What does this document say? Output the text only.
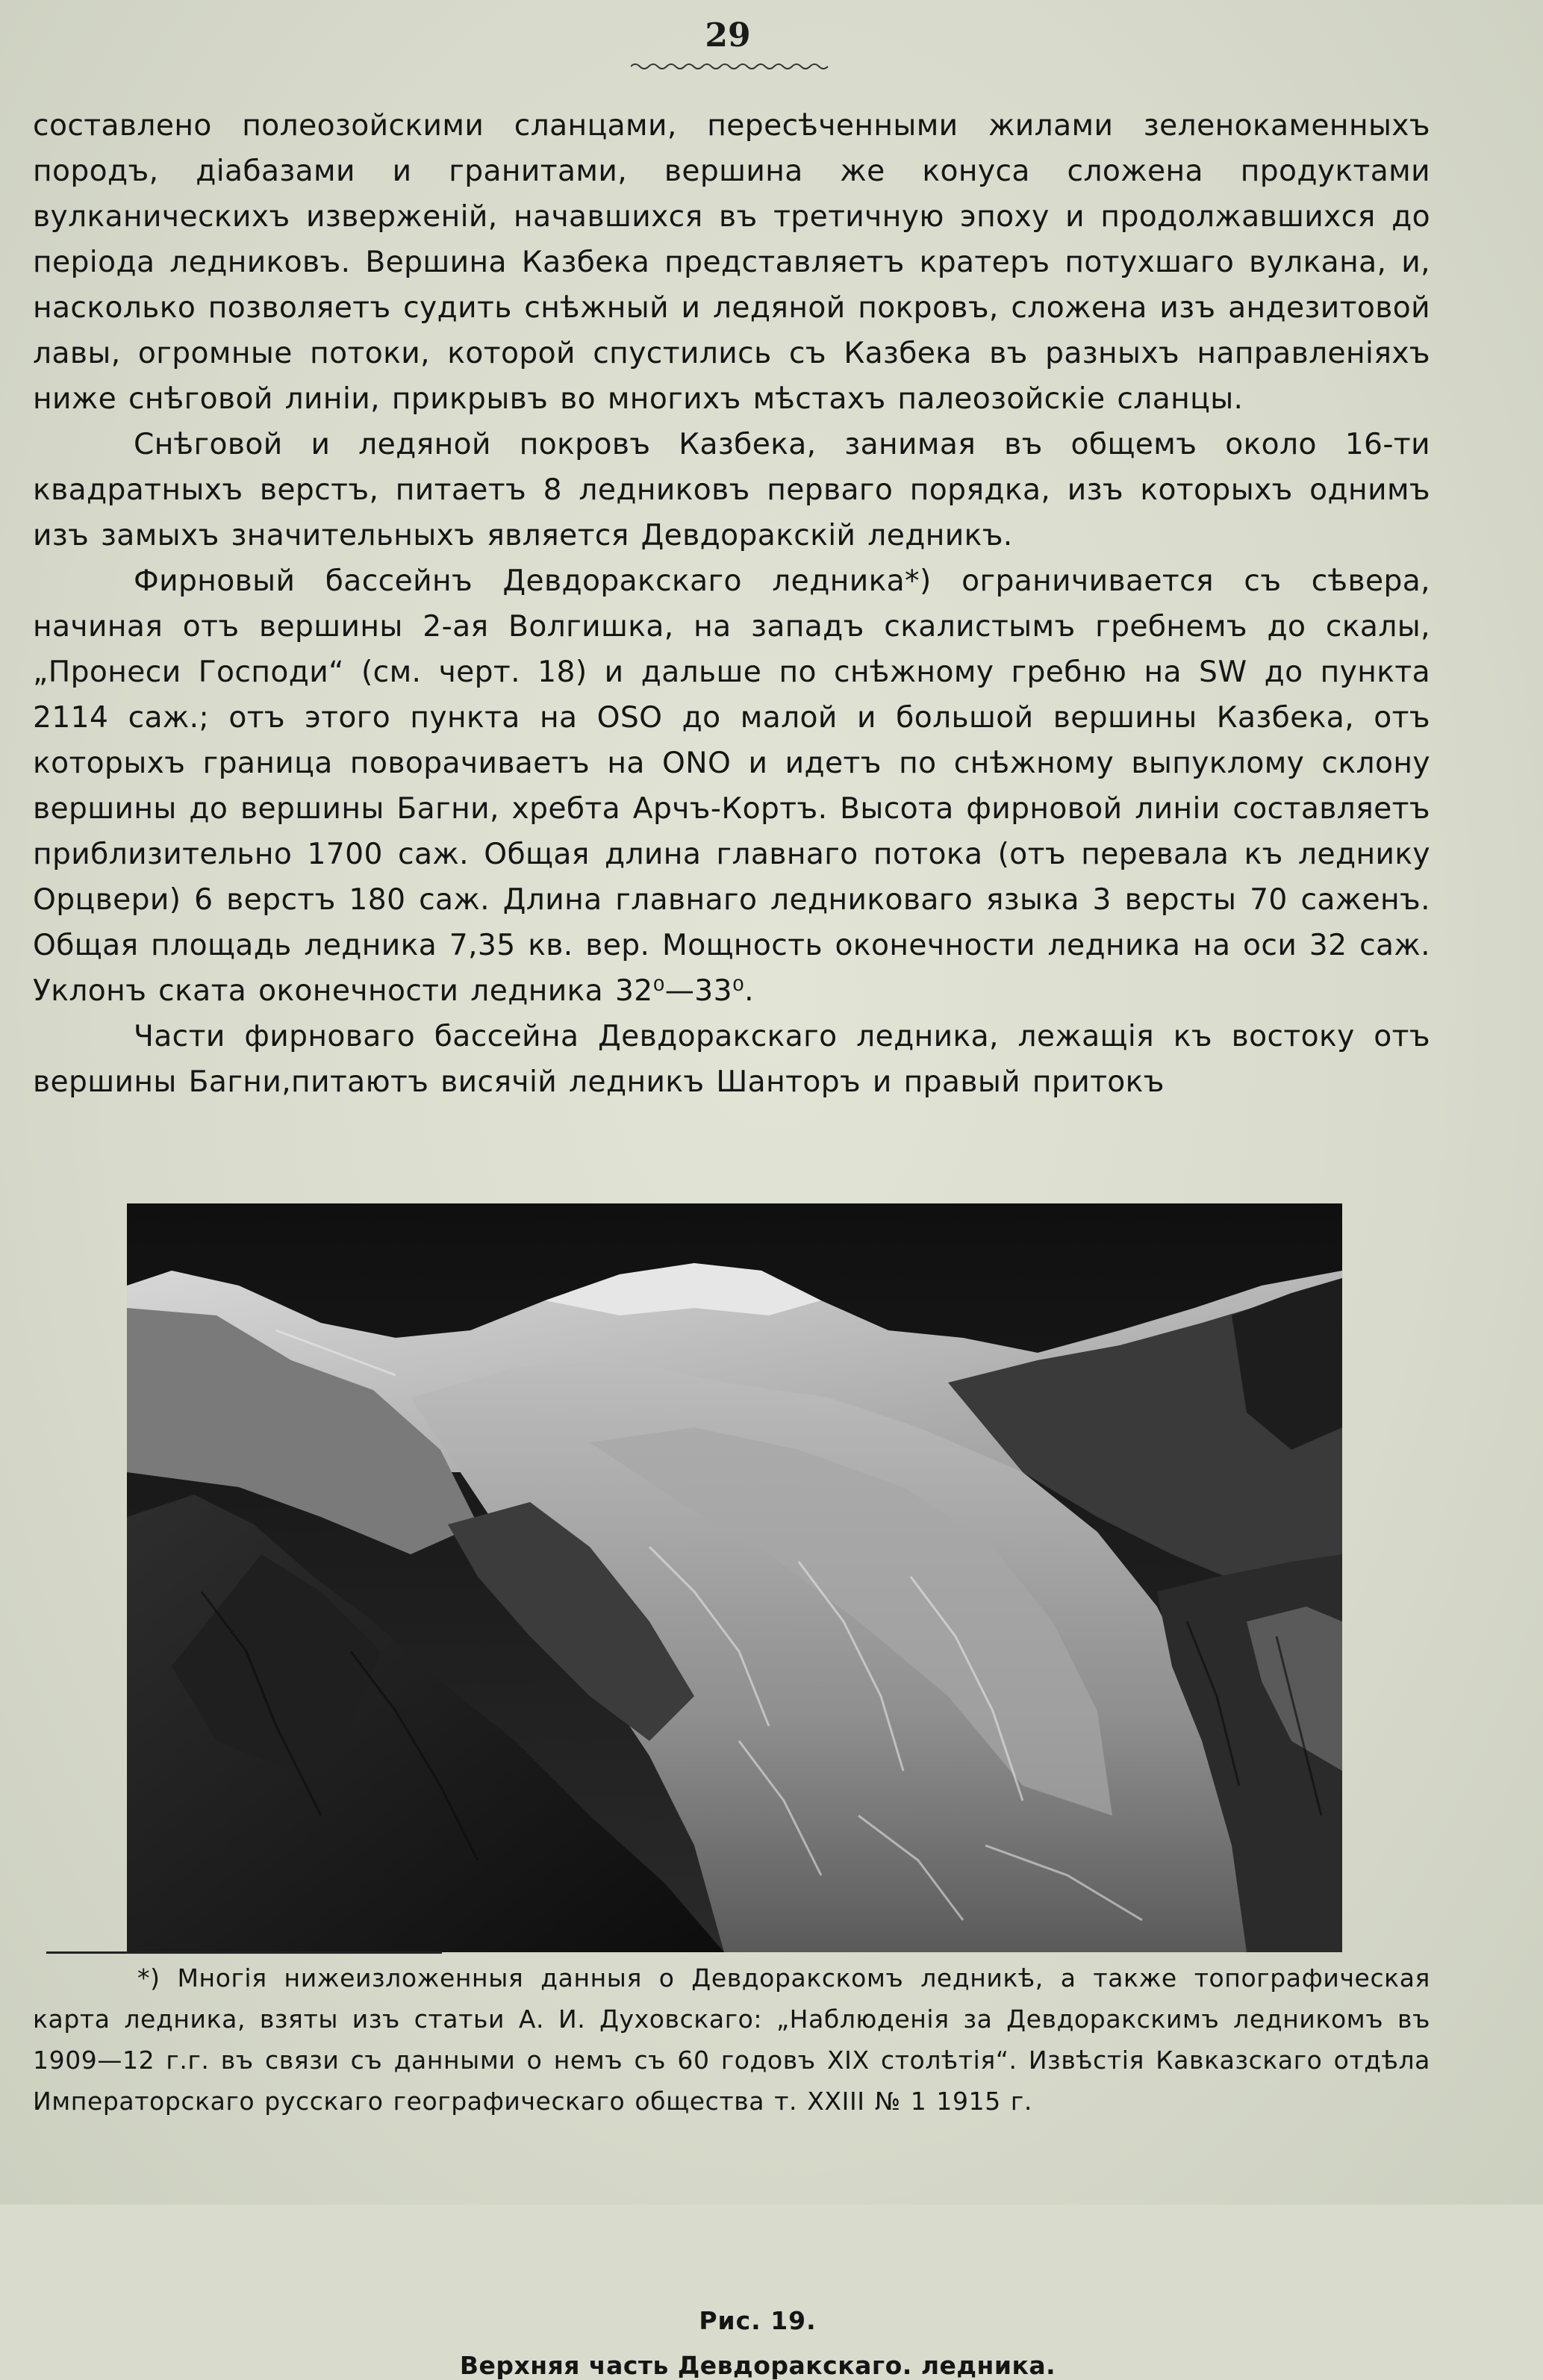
29

составлено полеозойскими сланцами, пересѣченными жилами зеленокаменныхъ породъ, діабазами и гранитами, вершина же конуса сложена продуктами вулканическихъ изверженій, начавшихся въ третичную эпоху и продолжавшихся до періода ледниковъ. Вершина Казбека представляетъ кратеръ потухшаго вулкана, и, насколько позволяетъ судить снѣжный и ледяной покровъ, сложена изъ андезитовой лавы, огромные потоки, которой спустились съ Казбека въ разныхъ направленіяхъ ниже снѣговой линіи, прикрывъ во многихъ мѣстахъ палеозойскіе сланцы.

Снѣговой и ледяной покровъ Казбека, занимая въ общемъ около 16-ти квадратныхъ верстъ, питаетъ 8 ледниковъ перваго порядка, изъ которыхъ однимъ изъ замыхъ значительныхъ является Девдоракскій ледникъ.

Фирновый бассейнъ Девдоракскаго ледника*) ограничивается съ сѣвера, начиная отъ вершины 2-ая Волгишка, на западъ скалистымъ гребнемъ до скалы, „Пронеси Господи“ (см. черт. 18) и дальше по снѣжному гребню на SW до пункта 2114 саж.; отъ этого пункта на OSO до малой и большой вершины Казбека, отъ которыхъ граница поворачиваетъ на ONO и идетъ по снѣжному выпуклому склону вершины до вершины Багни, хребта Арчъ-Кортъ. Высота фирновой линіи составляетъ приблизительно 1700 саж. Общая длина главнаго потока (отъ перевала къ леднику Орцвери) 6 верстъ 180 саж. Длина главнаго ледниковаго языка 3 версты 70 саженъ. Общая площадь ледника 7,35 кв. вер. Мощность оконечности ледника на оси 32 саж. Уклонъ ската оконечности ледника 32⁰—33⁰.

Части фирноваго бассейна Девдоракскаго ледника, лежащія къ востоку отъ вершины Багни,питаютъ висячій ледникъ Шанторъ и правый притокъ

Рис. 19.
Верхняя часть Девдоракскаго. ледника.

*) Многія нижеизложенныя данныя о Девдоракскомъ ледникѣ, а также топографическая карта ледника, взяты изъ статьи А. И. Духовскаго: „Наблюденія за Девдоракскимъ ледникомъ въ 1909—12 г.г. въ связи съ данными о немъ съ 60 годовъ XIX столѣтія“. Извѣстія Кавказскаго отдѣла Императорскаго русскаго географическаго общества т. XXIII № 1 1915 г.
